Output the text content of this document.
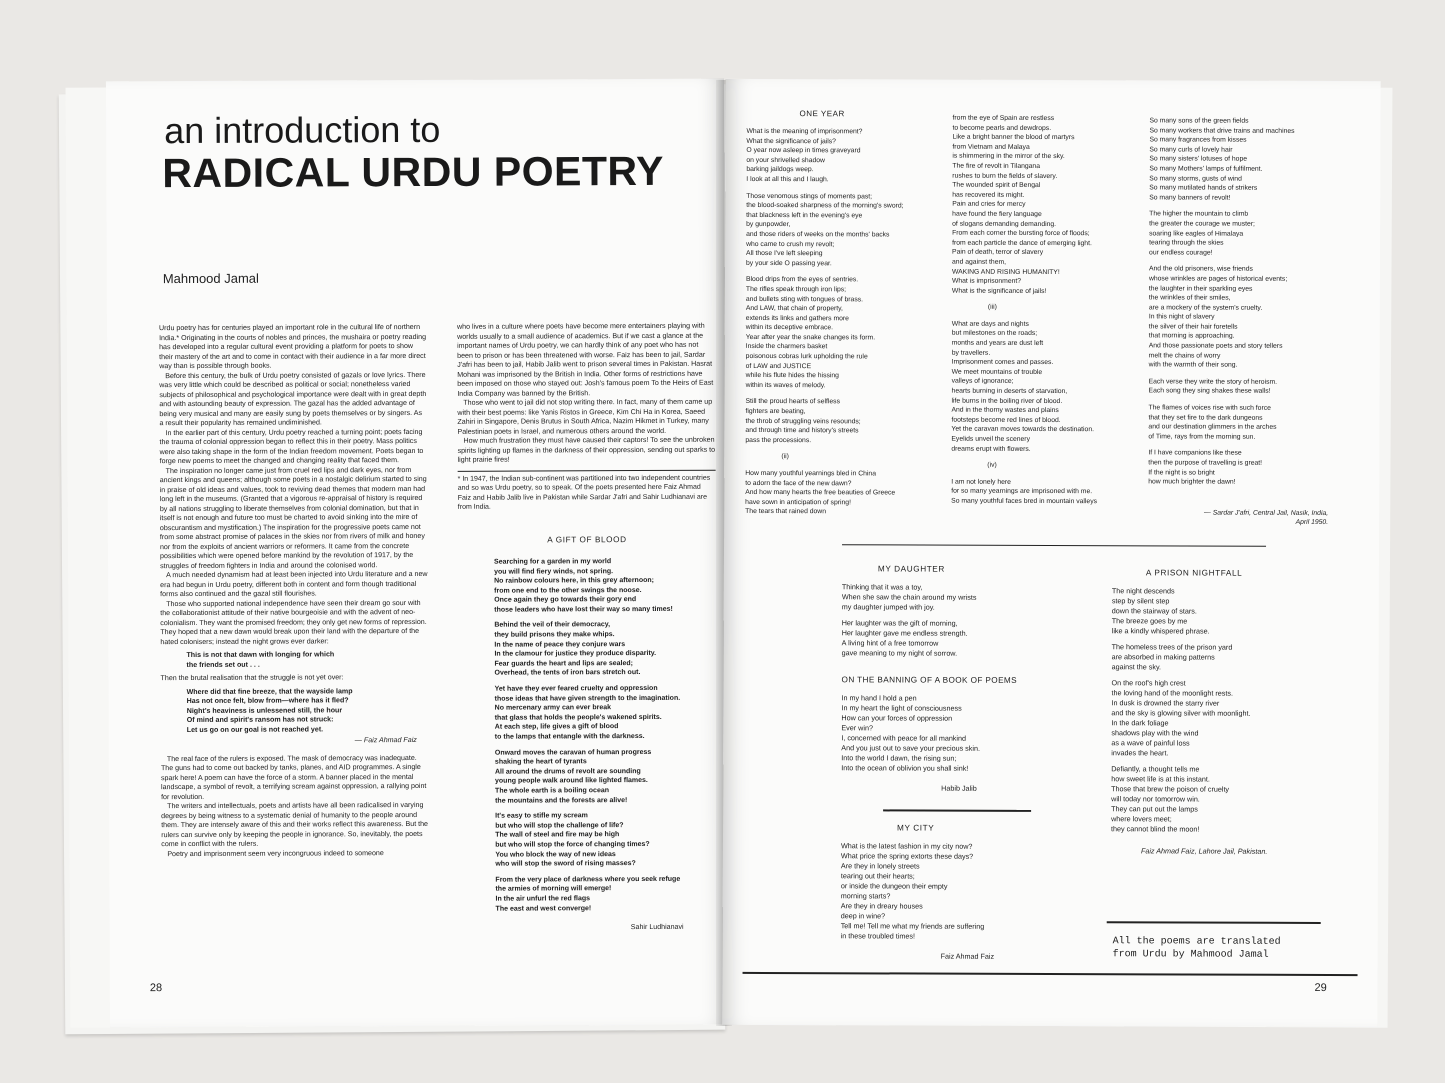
an introduction to
RADICAL URDU POETRY
Mahmood Jamal

Urdu poetry has for centuries played an important role in the cultural life of northern India.* Originating in the courts of nobles and princes, the mushaira or poetry reading has developed into a regular cultural event providing a platform for poets to show their mastery of the art and to come in contact with their audience in a far more direct way than is possible through books.

Before this century, the bulk of Urdu poetry consisted of gazals or love lyrics. There was very little which could be described as political or social; nonetheless varied subjects of philosophical and psychological importance were dealt with in great depth and with astounding beauty of expression. The gazal has the added advantage of being very musical and many are easily sung by poets themselves or by singers. As a result their popularity has remained undiminished.

In the earlier part of this century, Urdu poetry reached a turning point; poets facing the trauma of colonial oppression began to reflect this in their poetry. Mass politics were also taking shape in the form of the Indian freedom movement. Poets began to forge new poems to meet the changed and changing reality that faced them.

The inspiration no longer came just from cruel red lips and dark eyes, nor from ancient kings and queens; although some poets in a nostalgic delirium started to sing in praise of old ideas and values, took to reviving dead themes that modern man had long left in the museums. (Granted that a vigorous re-appraisal of history is required by all nations struggling to liberate themselves from colonial domination, but that in itself is not enough and future too must be charted to avoid sinking into the mire of obscurantism and mystification.) The inspiration for the progressive poets came not from some abstract promise of palaces in the skies nor from rivers of milk and honey nor from the exploits of ancient warriors or reformers. It came from the concrete possibilities which were opened before mankind by the revolution of 1917, by the struggles of freedom fighters in India and around the colonised world.

A much needed dynamism had at least been injected into Urdu literature and a new era had begun in Urdu poetry, different both in content and form though traditional forms also continued and the gazal still flourishes.

Those who supported national independence have seen their dream go sour with the collaborationist attitude of their native bourgeoisie and with the advent of neo-colonialism. They want the promised freedom; they only get new forms of repression. They hoped that a new dawn would break upon their land with the departure of the hated colonisers; instead the night grows ever darker:

This is not that dawn with longing for which
the friends set out . . .

Then the brutal realisation that the struggle is not yet over:

Where did that fine breeze, that the wayside lamp
Has not once felt, blow from—where has it fled?
Night's heaviness is unlessened still, the hour
Of mind and spirit's ransom has not struck:
Let us go on our goal is not reached yet.
— Faiz Ahmad Faiz

The real face of the rulers is exposed. The mask of democracy was inadequate. The guns had to come out backed by tanks, planes, and AID programmes. A single spark here! A poem can have the force of a storm. A banner placed in the mental landscape, a symbol of revolt, a terrifying scream against oppression, a rallying point for revolution.

The writers and intellectuals, poets and artists have all been radicalised in varying degrees by being witness to a systematic denial of humanity to the people around them. They are intensely aware of this and their works reflect this awareness. But the rulers can survive only by keeping the people in ignorance. So, inevitably, the poets come in conflict with the rulers.

Poetry and imprisonment seem very incongruous indeed to someone

who lives in a culture where poets have become mere entertainers playing with worlds usually to a small audience of academics. But if we cast a glance at the important names of Urdu poetry, we can hardly think of any poet who has not been to prison or has been threatened with worse. Faiz has been to jail, Sardar J'afri has been to jail, Habib Jalib went to prison several times in Pakistan. Hasrat Mohani was imprisoned by the British in India. Other forms of restrictions have been imposed on those who stayed out: Josh's famous poem To the Heirs of East India Company was banned by the British.

Those who went to jail did not stop writing there. In fact, many of them came up with their best poems: like Yanis Ristos in Greece, Kim Chi Ha in Korea, Saeed Zahiri in Singapore, Denis Brutus in South Africa, Nazim Hikmet in Turkey, many Palestinian poets in Israel, and numerous others around the world.

How much frustration they must have caused their captors! To see the unbroken spirits lighting up flames in the darkness of their oppression, sending out sparks to light prairie fires!

* In 1947, the Indian sub-continent was partitioned into two independent countries and so was Urdu poetry, so to speak. Of the poets presented here Faiz Ahmad Faiz and Habib Jalib live in Pakistan while Sardar J'afri and Sahir Ludhianavi are from India.

A GIFT OF BLOOD
Searching for a garden in my world
you will find fiery winds, not spring.
No rainbow colours here, in this grey afternoon;
from one end to the other swings the noose.
Once again they go towards their gory end
those leaders who have lost their way so many times!
Behind the veil of their democracy,
they build prisons they make whips.
In the name of peace they conjure wars
In the clamour for justice they produce disparity.
Fear guards the heart and lips are sealed;
Overhead, the tents of iron bars stretch out.
Yet have they ever feared cruelty and oppression
those ideas that have given strength to the imagination.
No mercenary army can ever break
that glass that holds the people's wakened spirits.
At each step, life gives a gift of blood
to the lamps that entangle with the darkness.
Onward moves the caravan of human progress
shaking the heart of tyrants
All around the drums of revolt are sounding
young people walk around like lighted flames.
The whole earth is a boiling ocean
the mountains and the forests are alive!
It's easy to stifle my scream
but who will stop the challenge of life?
The wall of steel and fire may be high
but who will stop the force of changing times?
You who block the way of new ideas
who will stop the sword of rising masses?
From the very place of darkness where you seek refuge
the armies of morning will emerge!
In the air unfurl the red flags
The east and west converge!
Sahir Ludhianavi
28
ONE YEAR
What is the meaning of imprisonment?
What the significance of jails?
O year now asleep in times graveyard
on your shrivelled shadow
barking jaildogs weep.
I look at all this and I laugh.
Those venomous stings of moments past;
the blood-soaked sharpness of the morning's sword;
that blackness left in the evening's eye
by gunpowder,
and those riders of weeks on the months' backs
who came to crush my revolt;
All those I've left sleeping
by your side O passing year.
Blood drips from the eyes of sentries.
The rifles speak through iron lips;
and bullets sting with tongues of brass.
And LAW, that chain of property,
extends its links and gathers more
within its deceptive embrace.
Year after year the snake changes its form.
Inside the charmers basket
poisonous cobras lurk upholding the rule
of LAW and JUSTICE
while his flute hides the hissing
within its waves of melody.
Still the proud hearts of selfless
fighters are beating,
the throb of struggling veins resounds;
and through time and history's streets
pass the processions.
(ii)
How many youthful yearnings bled in China
to adorn the face of the new dawn?
And how many hearts the free beauties of Greece
have sown in anticipation of spring!
The tears that rained down
from the eye of Spain are restless
to become pearls and dewdrops.
Like a bright banner the blood of martyrs
from Vietnam and Malaya
is shimmering in the mirror of the sky.
The fire of revolt in Tilangana
rushes to burn the fields of slavery.
The wounded spirit of Bengal
has recovered its might.
Pain and cries for mercy
have found the fiery language
of slogans demanding demanding.
From each corner the bursting force of floods;
from each particle the dance of emerging light.
Pain of death, terror of slavery
and against them,
WAKING AND RISING HUMANITY!
What is imprisonment?
What is the significance of jails!
(iii)
What are days and nights
but milestones on the roads;
months and years are dust left
by travellers.
Imprisonment comes and passes.
We meet mountains of trouble
valleys of ignorance;
hearts burning in deserts of starvation,
life burns in the boiling river of blood.
And in the thorny wastes and plains
footsteps become red lines of blood.
Yet the caravan moves towards the destination.
Eyelids unveil the scenery
dreams erupt with flowers.
(iv)
I am not lonely here
for so many yearnings are imprisoned with me.
So many youthful faces bred in mountain valleys
So many sons of the green fields
So many workers that drive trains and machines
So many fragrances from kisses
So many curls of lovely hair
So many sisters' lotuses of hope
So many Mothers' lamps of fulfilment.
So many storms, gusts of wind
So many mutilated hands of strikers
So many banners of revolt!
The higher the mountain to climb
the greater the courage we muster;
soaring like eagles of Himalaya
tearing through the skies
our endless courage!
And the old prisoners, wise friends
whose wrinkles are pages of historical events;
the laughter in their sparkling eyes
the wrinkles of their smiles,
are a mockery of the system's cruelty.
In this night of slavery
the silver of their hair foretells
that morning is approaching.
And those passionate poets and story tellers
melt the chains of worry
with the warmth of their song.
Each verse they write the story of heroism.
Each song they sing shakes these walls!
The flames of voices rise with such force
that they set fire to the dark dungeons
and our destination glimmers in the arches
of Time, rays from the morning sun.
If I have companions like these
then the purpose of travelling is great!
If the night is so bright
how much brighter the dawn!
— Sardar J'afri, Central Jail, Nasik, India,
April 1950.
MY DAUGHTER
Thinking that it was a toy,
When she saw the chain around my wrists
my daughter jumped with joy.
Her laughter was the gift of morning,
Her laughter gave me endless strength.
A living hint of a free tomorrow
gave meaning to my night of sorrow.
ON THE BANNING OF A BOOK OF POEMS
In my hand I hold a pen
In my heart the light of consciousness
How can your forces of oppression
Ever win?
I, concerned with peace for all mankind
And you just out to save your precious skin.
Into the world I dawn, the rising sun;
Into the ocean of oblivion you shall sink!
Habib Jalib
MY CITY
What is the latest fashion in my city now?
What price the spring extorts these days?
Are they in lonely streets
tearing out their hearts;
or inside the dungeon their empty
morning starts?
Are they in dreary houses
deep in wine?
Tell me! Tell me what my friends are suffering
in these troubled times!
Faiz Ahmad Faiz
A PRISON NIGHTFALL
The night descends
step by silent step
down the stairway of stars.
The breeze goes by me
like a kindly whispered phrase.
The homeless trees of the prison yard
are absorbed in making patterns
against the sky.
On the roof's high crest
the loving hand of the moonlight rests.
In dusk is drowned the starry river
and the sky is glowing silver with moonlight.
In the dark foliage
shadows play with the wind
as a wave of painful loss
invades the heart.
Defiantly, a thought tells me
how sweet life is at this instant.
Those that brew the poison of cruelty
will today nor tomorrow win.
They can put out the lamps
where lovers meet;
they cannot blind the moon!
Faiz Ahmad Faiz, Lahore Jail, Pakistan.
All the poems are translated
from Urdu by Mahmood Jamal
29
